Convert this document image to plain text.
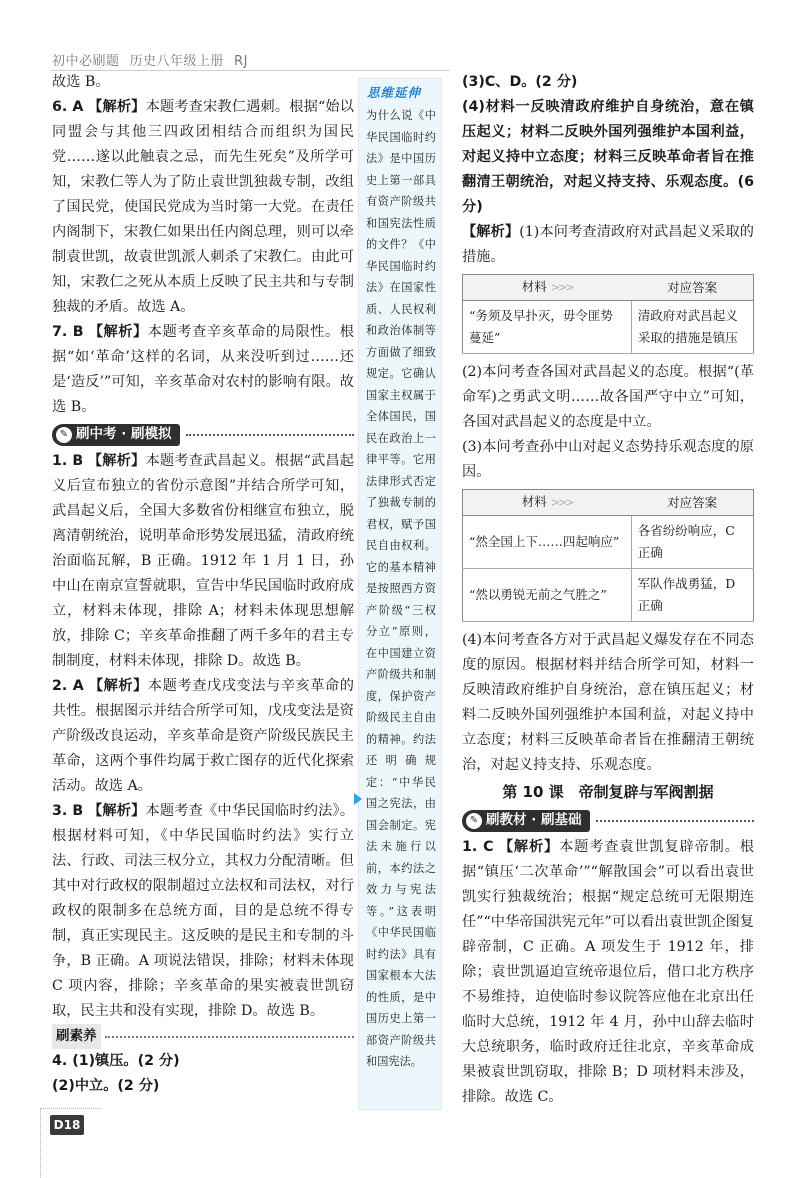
初中必刷题 历史八年级上册 RJ

故选 B。

6. A 【解析】本题考查宋教仁遇刺。根据“始以同盟会与其他三四政团相结合而组织为国民党……遂以此触袁之忌，而先生死矣”及所学可知，宋教仁等人为了防止袁世凯独裁专制，改组了国民党，使国民党成为当时第一大党。在责任内阁制下，宋教仁如果出任内阁总理，则可以牵制袁世凯，故袁世凯派人刺杀了宋教仁。由此可知，宋教仁之死从本质上反映了民主共和与专制独裁的矛盾。故选 A。

7. B 【解析】本题考查辛亥革命的局限性。根据“如‘革命’这样的名词，从来没听到过……还是‘造反’”可知，辛亥革命对农村的影响有限。故选 B。

✎ 刷中考 · 刷模拟

1. B 【解析】本题考查武昌起义。根据“武昌起义后宣布独立的省份示意图”并结合所学可知，武昌起义后，全国大多数省份相继宣布独立，脱离清朝统治，说明革命形势发展迅猛，清政府统治面临瓦解，B 正确。1912 年 1 月 1 日，孙中山在南京宣誓就职，宣告中华民国临时政府成立，材料未体现，排除 A；材料未体现思想解放，排除 C；辛亥革命推翻了两千多年的君主专制制度，材料未体现，排除 D。故选 B。

2. A 【解析】本题考查戊戌变法与辛亥革命的共性。根据图示并结合所学可知，戊戌变法是资产阶级改良运动，辛亥革命是资产阶级民族民主革命，这两个事件均属于救亡图存的近代化探索活动。故选 A。

3. B 【解析】本题考查《中华民国临时约法》。根据材料可知，《中华民国临时约法》实行立法、行政、司法三权分立，其权力分配清晰。但其中对行政权的限制超过立法权和司法权，对行政权的限制多在总统方面，目的是总统不得专制，真正实现民主。这反映的是民主和专制的斗争，B 正确。A 项说法错误，排除；材料未体现 C 项内容，排除；辛亥革命的果实被袁世凯窃取，民主共和没有实现，排除 D。故选 B。

刷素养

4. (1)镇压。(2 分)

(2)中立。(2 分)

思维延伸
为什么说《中华民国临时约法》是中国历史上第一部具有资产阶级共和国宪法性质的文件？《中华民国临时约法》在国家性质、人民权利和政治体制等方面做了细致规定。它确认国家主权属于全体国民，国民在政治上一律平等。它用法律形式否定了独裁专制的君权，赋予国民自由权利。它的基本精神是按照西方资产阶级“三权分立”原则，在中国建立资产阶级共和制度，保护资产阶级民主自由的精神。约法还明确规定：“中华民国之宪法，由国会制定。宪法未施行以前，本约法之效力与宪法等。”这表明《中华民国临时约法》具有国家根本大法的性质，是中国历史上第一部资产阶级共和国宪法。

(3)C、D。(2 分)

(4)材料一反映清政府维护自身统治，意在镇压起义；材料二反映外国列强维护本国利益，对起义持中立态度；材料三反映革命者旨在推翻清王朝统治，对起义持支持、乐观态度。(6 分)

【解析】(1)本问考查清政府对武昌起义采取的措施。

材料 >>>	对应答案
“务须及早扑灭，毋令匪势蔓延”	清政府对武昌起义采取的措施是镇压

(2)本问考查各国对武昌起义的态度。根据“(革命军)之勇武文明……故各国严守中立”可知，各国对武昌起义的态度是中立。

(3)本问考查孙中山对起义态势持乐观态度的原因。

材料 >>>	对应答案
“然全国上下……四起响应”	各省纷纷响应，C 正确
“然以勇锐无前之气胜之”	军队作战勇猛，D 正确

(4)本问考查各方对于武昌起义爆发存在不同态度的原因。根据材料并结合所学可知，材料一反映清政府维护自身统治，意在镇压起义；材料二反映外国列强维护本国利益，对起义持中立态度；材料三反映革命者旨在推翻清王朝统治，对起义持支持、乐观态度。

第 10 课　帝制复辟与军阀割据
✎ 刷教材 · 刷基础

1. C 【解析】本题考查袁世凯复辟帝制。根据“镇压‘二次革命’”“解散国会”可以看出袁世凯实行独裁统治；根据“规定总统可无限期连任”“中华帝国洪宪元年”可以看出袁世凯企图复辟帝制，C 正确。A 项发生于 1912 年，排除；袁世凯逼迫宣统帝退位后，借口北方秩序不易维持，迫使临时参议院答应他在北京出任临时大总统，1912 年 4 月，孙中山辞去临时大总统职务，临时政府迁往北京，辛亥革命成果被袁世凯窃取，排除 B；D 项材料未涉及，排除。故选 C。

D18
